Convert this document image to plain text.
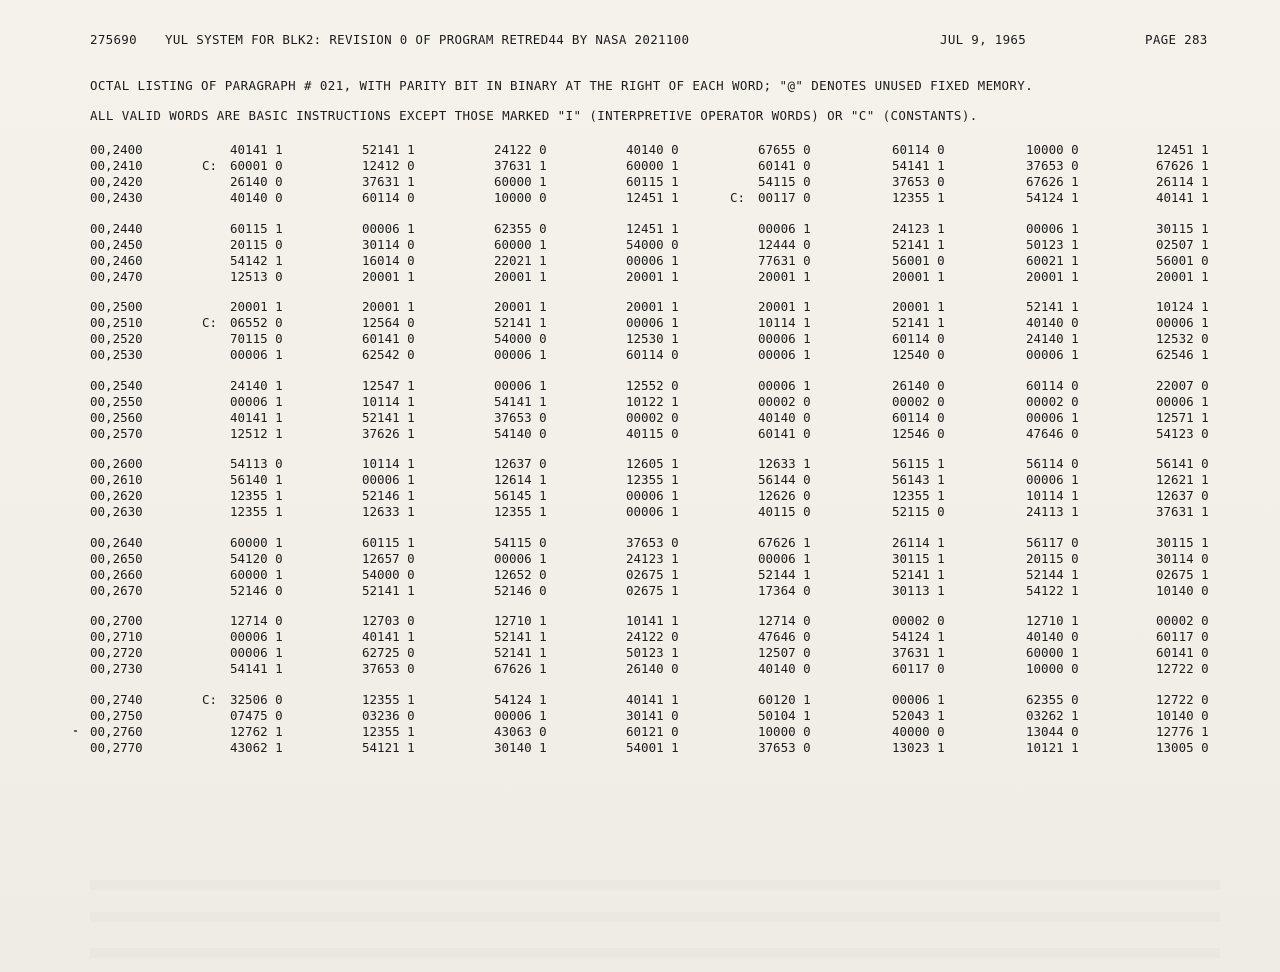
275690 YUL SYSTEM FOR BLK2: REVISION 0 OF PROGRAM RETRED44 BY NASA 2021100	JUL 9, 1965	PAGE 283
OCTAL LISTING OF PARAGRAPH # 021, WITH PARITY BIT IN BINARY AT THE RIGHT OF EACH WORD; "@" DENOTES UNUSED FIXED MEMORY.
ALL VALID WORDS ARE BASIC INSTRUCTIONS EXCEPT THOSE MARKED "I" (INTERPRETIVE OPERATOR WORDS) OR "C" (CONSTANTS).
00,2400	40141 1	52141 1	24122 0	40140 0	67655 0	60114 0	10000 0	12451 1
00,2410	C: 60001 0	12412 0	37631 1	60000 1	60141 0	54141 1	37653 0	67626 1
00,2420	26140 0	37631 1	60000 1	60115 1	54115 0	37653 0	67626 1	26114 1
00,2430	40140 0	60114 0	10000 0	12451 1	C: 00117 0	12355 1	54124 1	40141 1
00,2440	60115 1	00006 1	62355 0	12451 1	00006 1	24123 1	00006 1	30115 1
00,2450	20115 0	30114 0	60000 1	54000 0	12444 0	52141 1	50123 1	02507 1
00,2460	54142 1	16014 0	22021 1	00006 1	77631 0	56001 0	60021 1	56001 0
00,2470	12513 0	20001 1	20001 1	20001 1	20001 1	20001 1	20001 1	20001 1
00,2500	20001 1	20001 1	20001 1	20001 1	20001 1	20001 1	52141 1	10124 1
00,2510	C: 06552 0	12564 0	52141 1	00006 1	10114 1	52141 1	40140 0	00006 1
00,2520	70115 0	60141 0	54000 0	12530 1	00006 1	60114 0	24140 1	12532 0
00,2530	00006 1	62542 0	00006 1	60114 0	00006 1	12540 0	00006 1	62546 1
00,2540	24140 1	12547 1	00006 1	12552 0	00006 1	26140 0	60114 0	22007 0
00,2550	00006 1	10114 1	54141 1	10122 1	00002 0	00002 0	00002 0	00006 1
00,2560	40141 1	52141 1	37653 0	00002 0	40140 0	60114 0	00006 1	12571 1
00,2570	12512 1	37626 1	54140 0	40115 0	60141 0	12546 0	47646 0	54123 0
00,2600	54113 0	10114 1	12637 0	12605 1	12633 1	56115 1	56114 0	56141 0
00,2610	56140 1	00006 1	12614 1	12355 1	56144 0	56143 1	00006 1	12621 1
00,2620	12355 1	52146 1	56145 1	00006 1	12626 0	12355 1	10114 1	12637 0
00,2630	12355 1	12633 1	12355 1	00006 1	40115 0	52115 0	24113 1	37631 1
00,2640	60000 1	60115 1	54115 0	37653 0	67626 1	26114 1	56117 0	30115 1
00,2650	54120 0	12657 0	00006 1	24123 1	00006 1	30115 1	20115 0	30114 0
00,2660	60000 1	54000 0	12652 0	02675 1	52144 1	52141 1	52144 1	02675 1
00,2670	52146 0	52141 1	52146 0	02675 1	17364 0	30113 1	54122 1	10140 0
00,2700	12714 0	12703 0	12710 1	10141 1	12714 0	00002 0	12710 1	00002 0
00,2710	00006 1	40141 1	52141 1	24122 0	47646 0	54124 1	40140 0	60117 0
00,2720	00006 1	62725 0	52141 1	50123 1	12507 0	37631 1	60000 1	60141 0
00,2730	54141 1	37653 0	67626 1	26140 0	40140 0	60117 0	10000 0	12722 0
00,2740	C: 32506 0	12355 1	54124 1	40141 1	60120 1	00006 1	62355 0	12722 0
00,2750	07475 0	03236 0	00006 1	30141 0	50104 1	52043 1	03262 1	10140 0
00,2760	12762 1	12355 1	43063 0	60121 0	10000 0	40000 0	13044 0	12776 1
00,2770	43062 1	54121 1	30140 1	54001 1	37653 0	13023 1	10121 1	13005 0
